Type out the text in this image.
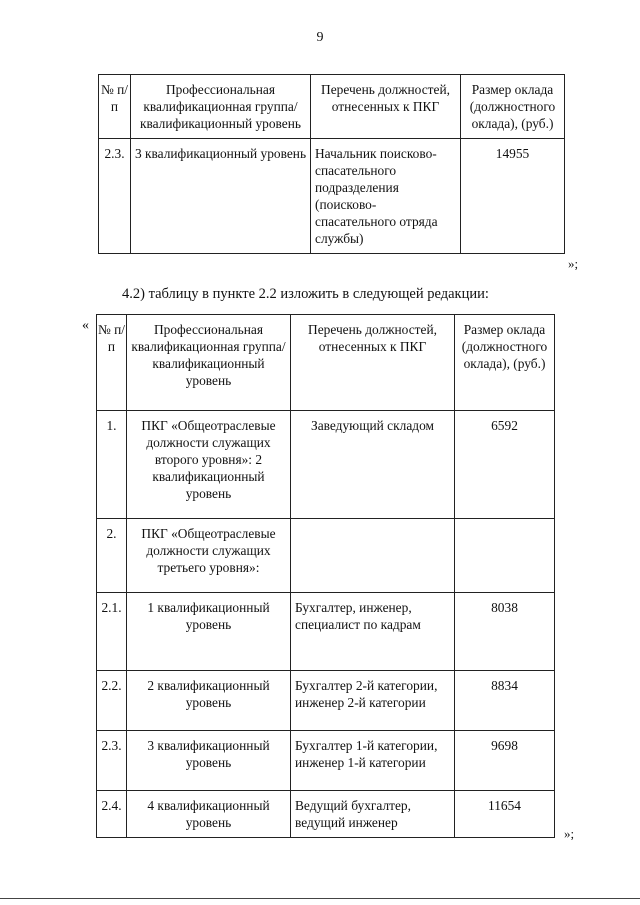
9
№ п/п	Профессиональная квалификационная группа/ квалификационный уровень	Перечень должностей, отнесенных к ПКГ	Размер оклада (должностного оклада), (руб.)
2.3.	3 квалификационный уровень	Начальник поисково-спасательного подразделения (поисково-спасательного отряда службы)	14955
»;
4.2) таблицу в пункте 2.2 изложить в следующей редакции:
« № п/п	Профессиональная квалификационная группа/ квалификационный уровень	Перечень должностей, отнесенных к ПКГ	Размер оклада (должностного оклада), (руб.)
1.	ПКГ «Общеотраслевые должности служащих второго уровня»: 2 квалификационный уровень	Заведующий складом	6592
2.	ПКГ «Общеотраслевые должности служащих третьего уровня»:		
2.1.	1 квалификационный уровень	Бухгалтер, инженер, специалист по кадрам	8038
2.2.	2 квалификационный уровень	Бухгалтер 2-й категории, инженер 2-й категории	8834
2.3.	3 квалификационный уровень	Бухгалтер 1-й категории, инженер 1-й категории	9698
2.4.	4 квалификационный уровень	Ведущий бухгалтер, ведущий инженер	11654
»;
